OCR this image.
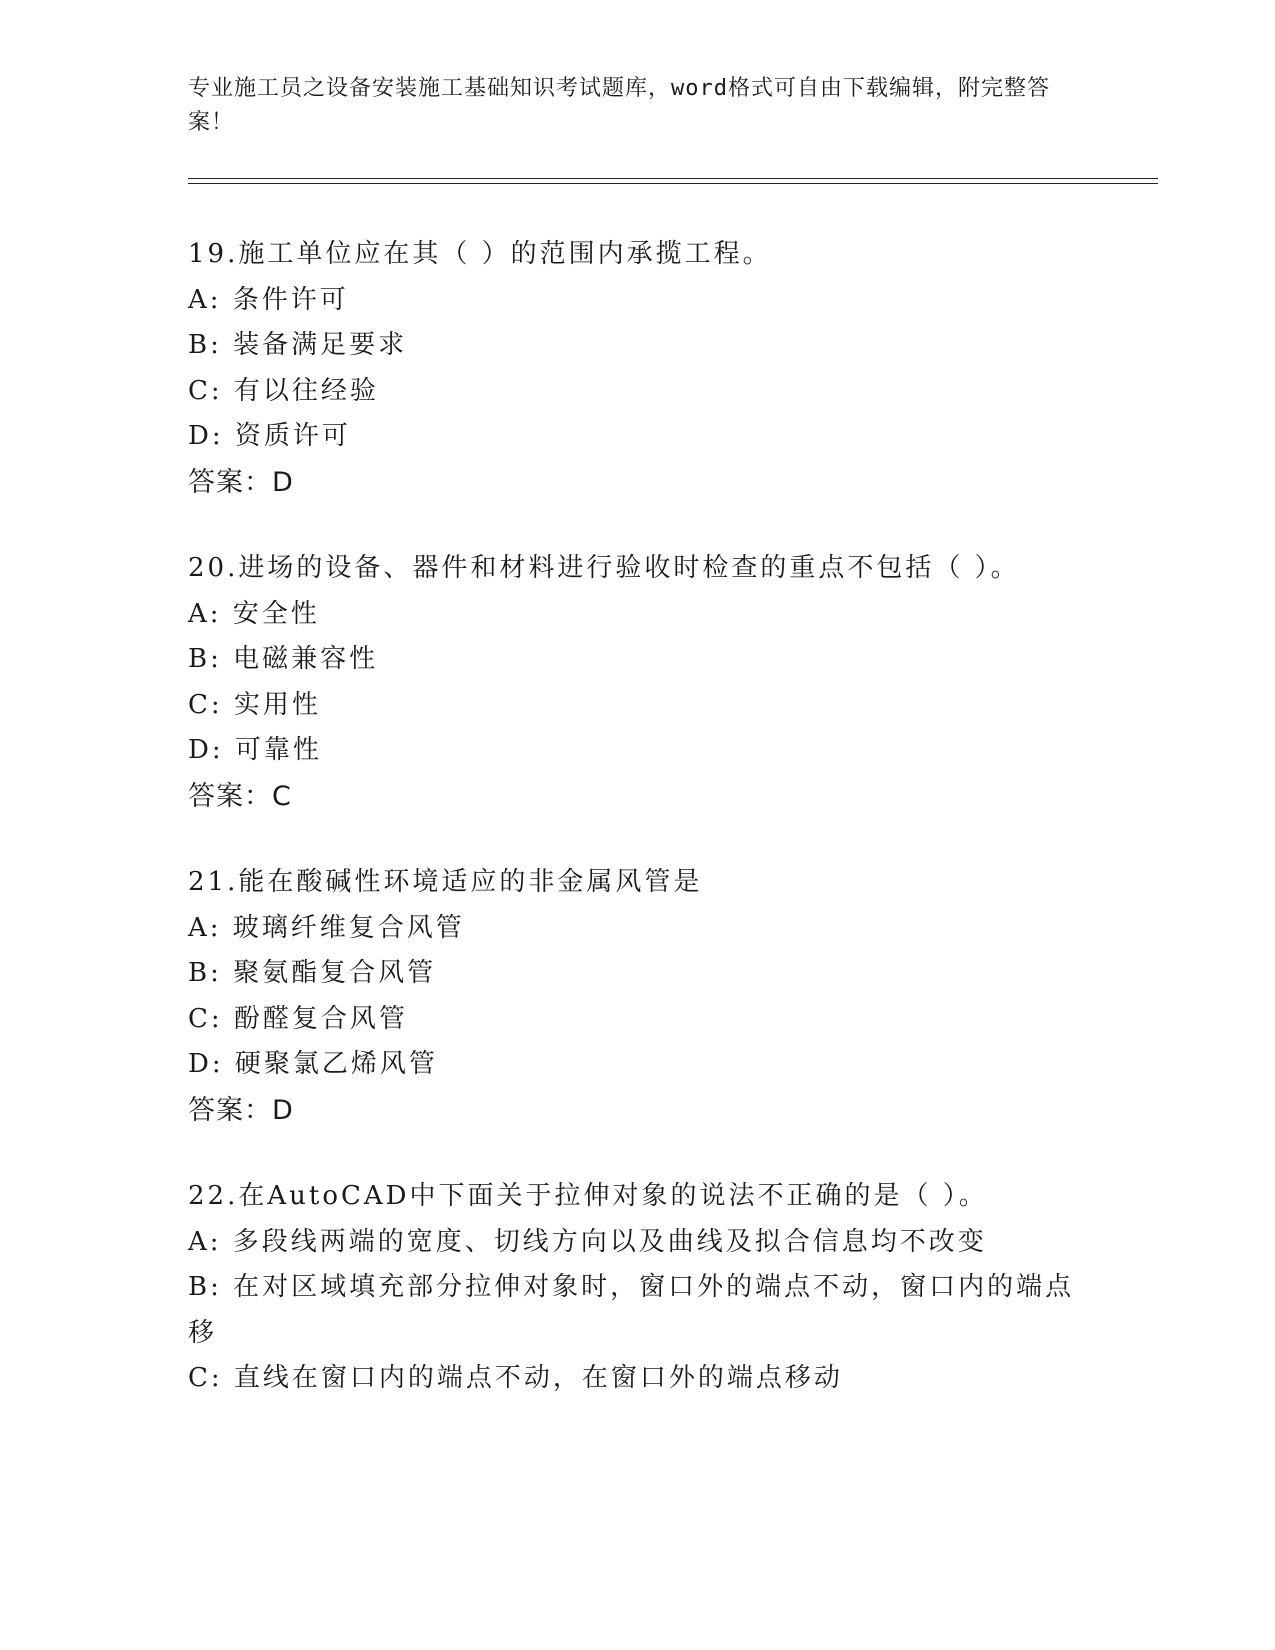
专业施工员之设备安装施工基础知识考试题库，word格式可自由下载编辑，附完整答案！
19.施工单位应在其（ ）的范围内承揽工程。
A: 条件许可
B: 装备满足要求
C: 有以往经验
D: 资质许可
答案：D
20.进场的设备、器件和材料进行验收时检查的重点不包括（ ）。
A: 安全性
B: 电磁兼容性
C: 实用性
D: 可靠性
答案：C
21.能在酸碱性环境适应的非金属风管是
A: 玻璃纤维复合风管
B: 聚氨酯复合风管
C: 酚醛复合风管
D: 硬聚氯乙烯风管
答案：D
22.在AutoCAD中下面关于拉伸对象的说法不正确的是（ ）。
A: 多段线两端的宽度、切线方向以及曲线及拟合信息均不改变
B: 在对区域填充部分拉伸对象时，窗口外的端点不动，窗口内的端点移
C: 直线在窗口内的端点不动，在窗口外的端点移动
